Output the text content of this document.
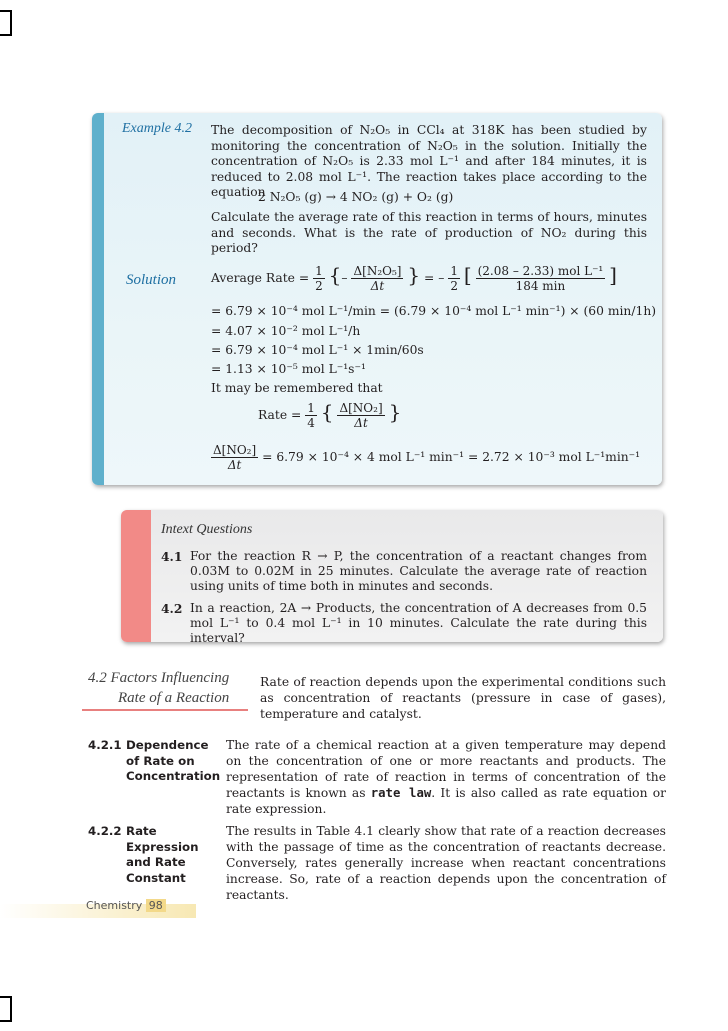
Example 4.2 The decomposition of N₂O₅ in CCl₄ at 318K has been studied by monitoring the concentration of N₂O₅ in the solution. Initially the concentration of N₂O₅ is 2.33 mol L⁻¹ and after 184 minutes, it is reduced to 2.08 mol L⁻¹. The reaction takes place according to the equation
2 N₂O₅ (g) → 4 NO₂ (g) + O₂ (g)
Calculate the average rate of this reaction in terms of hours, minutes and seconds. What is the rate of production of NO₂ during this period?
Solution	Average Rate = $\frac{1}{2}$ {– $\frac{\text{Δ[N₂O₅]}}{\Delta t}$ } = – $\frac{1}{2}$ [ $\frac{\text{(2.08 – 2.33) mol L⁻¹}}{184 \min}$ ]
= 6.79 × 10⁻⁴ mol L⁻¹/min = (6.79 × 10⁻⁴ mol L⁻¹ min⁻¹) × (60 min/1h)
= 4.07 × 10⁻² mol L⁻¹/h
= 6.79 × 10⁻⁴ mol L⁻¹ × 1min/60s
= 1.13 × 10⁻⁵ mol L⁻¹s⁻¹
It may be remembered that
Rate = $\frac{1}{4}$ { $\frac{\text{Δ[NO₂]}}{\Delta t}$ }
$\frac{\text{Δ[NO₂]}}{\Delta t} = 6.79 \times 10^{-4} \times 4$ mol L⁻¹ min⁻¹ = 2.72 × 10⁻³ mol L⁻¹min⁻¹
Intext Questions
4.1 For the reaction R → P, the concentration of a reactant changes from 0.03M to 0.02M in 25 minutes. Calculate the average rate of reaction using units of time both in minutes and seconds.
4.2 In a reaction, 2A → Products, the concentration of A decreases from 0.5 mol L⁻¹ to 0.4 mol L⁻¹ in 10 minutes. Calculate the rate during this interval?
4.2 Factors Influencing
Rate of a Reaction
Rate of reaction depends upon the experimental conditions such as concentration of reactants (pressure in case of gases), temperature and catalyst.
4.2.1 Dependence
of Rate on
Concentration
The rate of a chemical reaction at a given temperature may depend on the concentration of one or more reactants and products. The representation of rate of reaction in terms of concentration of the reactants is known as rate law. It is also called as rate equation or rate expression.
4.2.2 Rate
Expression
and Rate
Constant
The results in Table 4.1 clearly show that rate of a reaction decreases with the passage of time as the concentration of reactants decrease. Conversely, rates generally increase when reactant concentrations increase. So, rate of a reaction depends upon the concentration of reactants.
Chemistry 98
